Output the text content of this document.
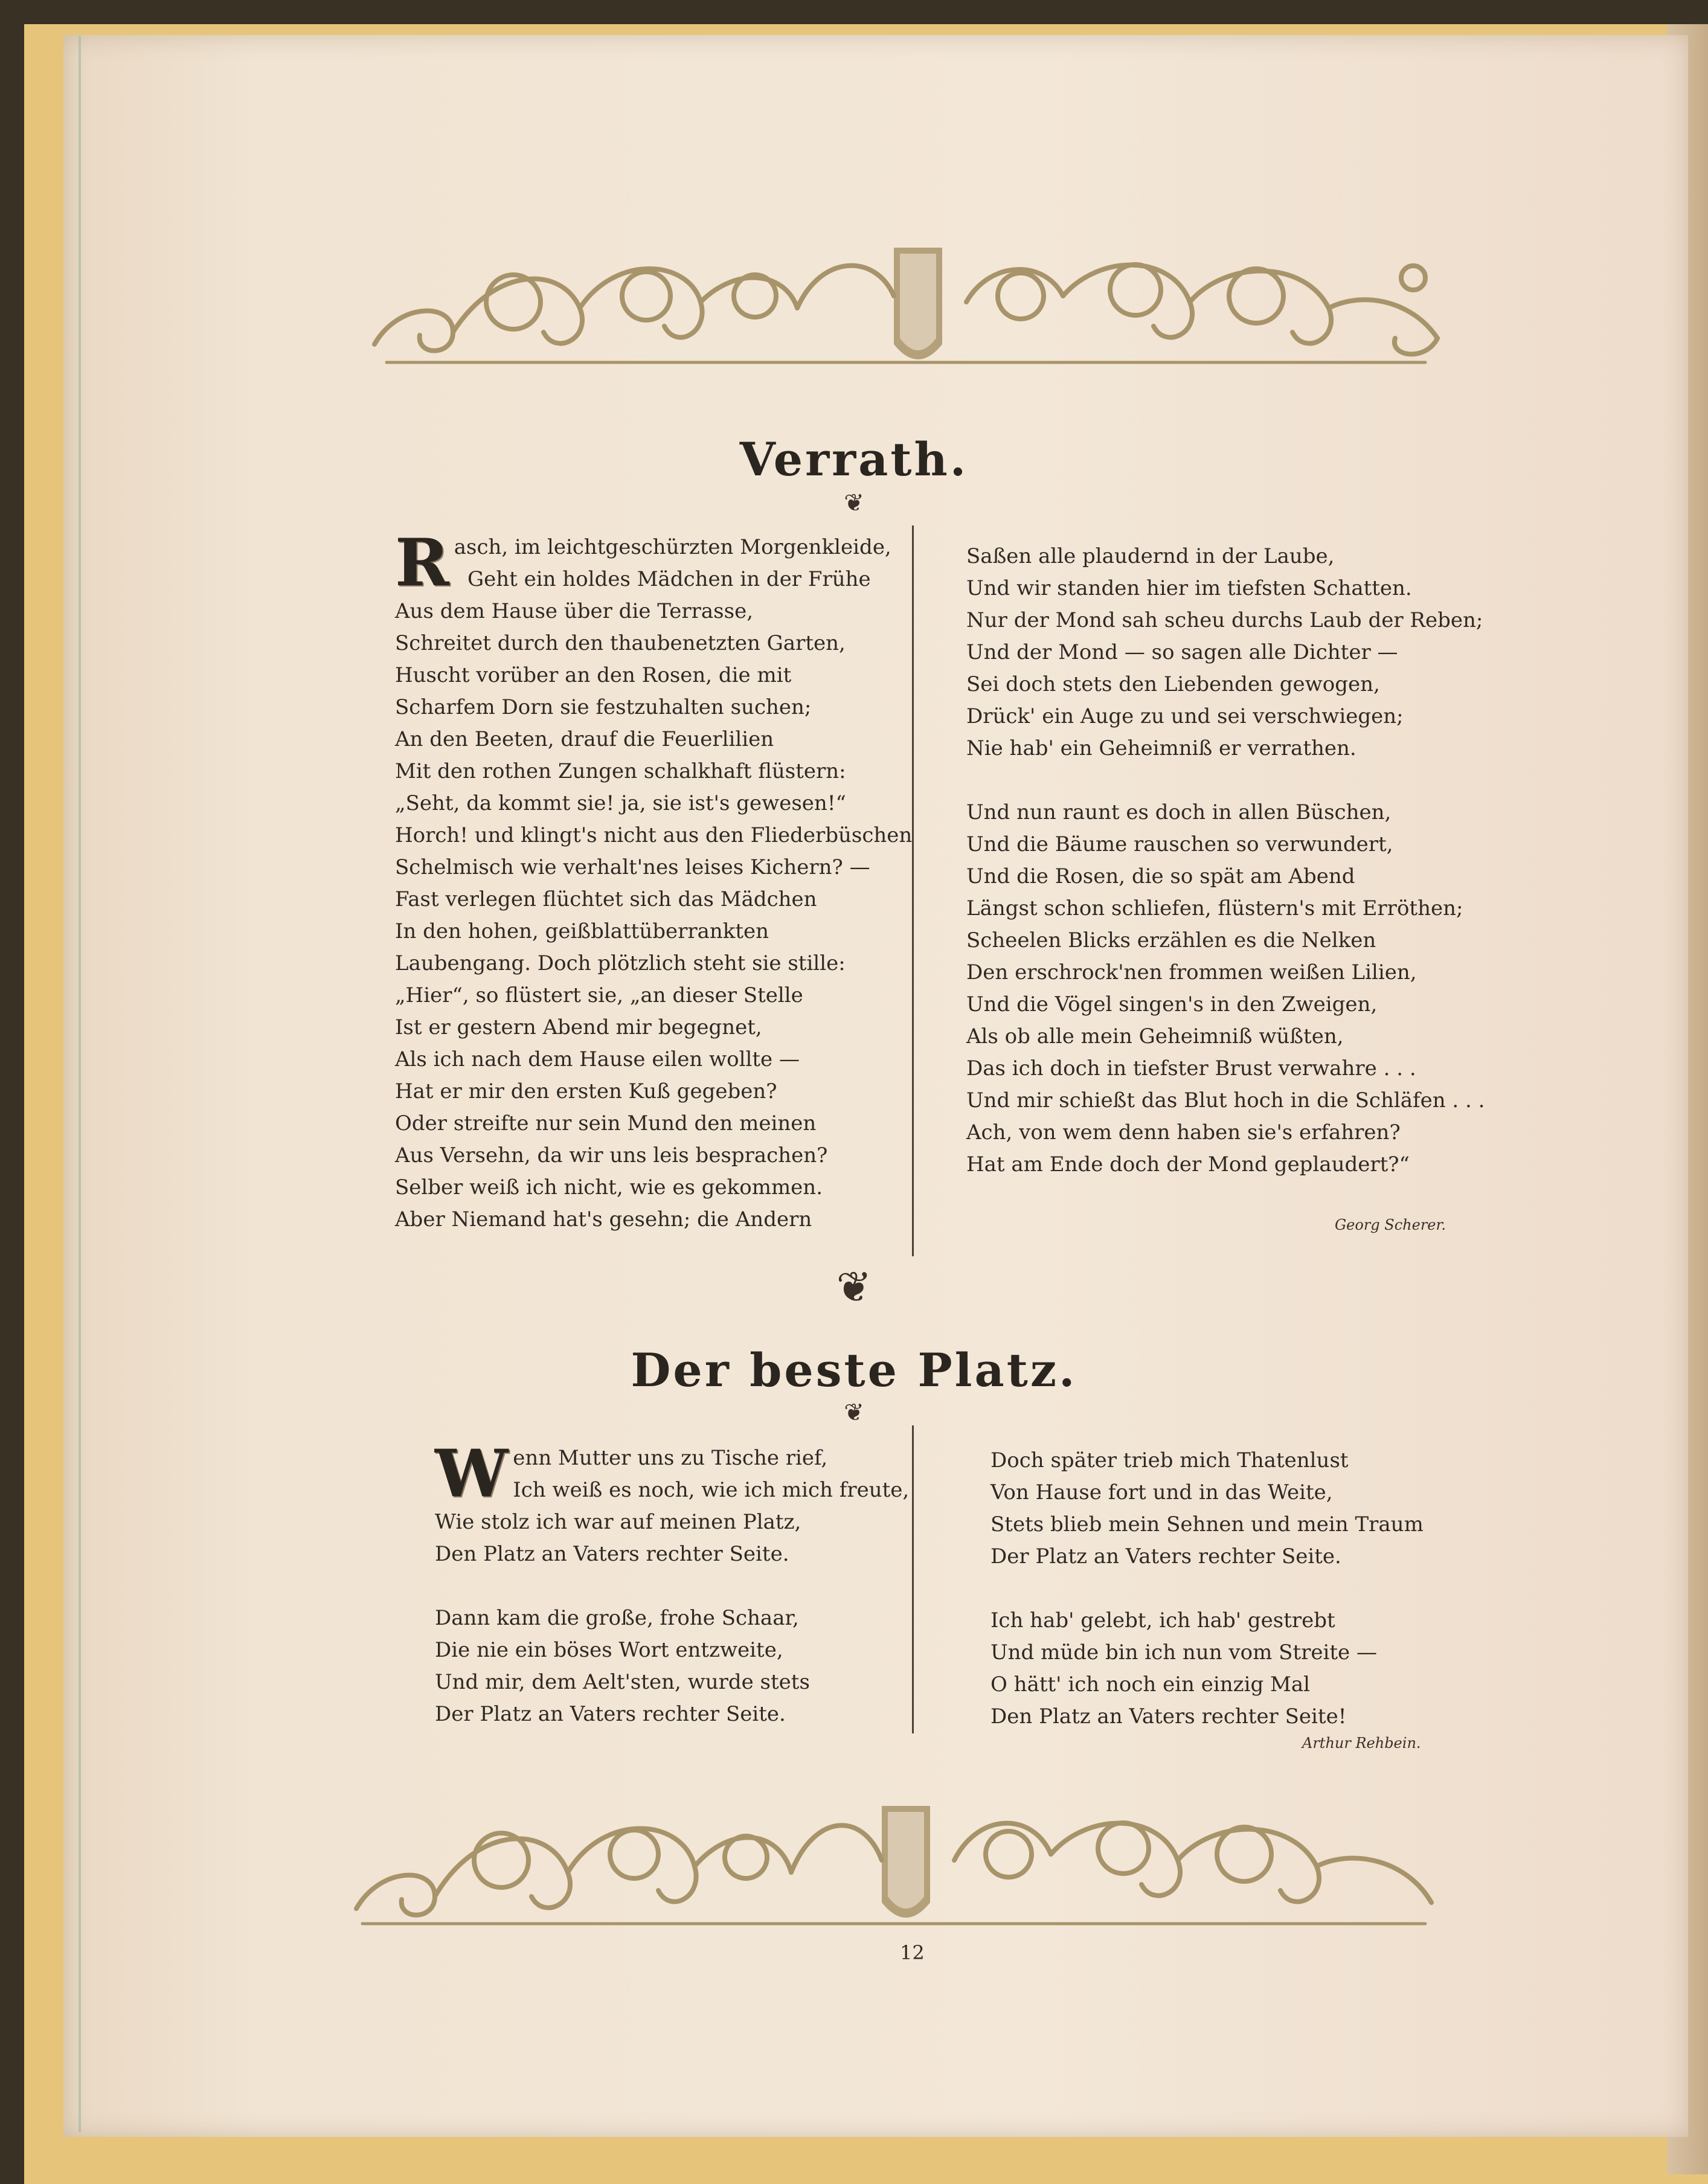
Verrath.
❦
R asch, im leichtgeschürzten Morgenkleide,

Geht ein holdes Mädchen in der Frühe

Aus dem Hause über die Terrasse,

Schreitet durch den thaubenetzten Garten,

Huscht vorüber an den Rosen, die mit

Scharfem Dorn sie festzuhalten suchen;

An den Beeten, drauf die Feuerlilien

Mit den rothen Zungen schalkhaft flüstern:

„Seht, da kommt sie! ja, sie ist's gewesen!“

Horch! und klingt's nicht aus den Fliederbüschen

Schelmisch wie verhalt'nes leises Kichern? —

Fast verlegen flüchtet sich das Mädchen

In den hohen, geißblattüberrankten

Laubengang. Doch plötzlich steht sie stille:

„Hier“, so flüstert sie, „an dieser Stelle

Ist er gestern Abend mir begegnet,

Als ich nach dem Hause eilen wollte —

Hat er mir den ersten Kuß gegeben?

Oder streifte nur sein Mund den meinen

Aus Versehn, da wir uns leis besprachen?

Selber weiß ich nicht, wie es gekommen.

Aber Niemand hat's gesehn; die Andern

Saßen alle plaudernd in der Laube,

Und wir standen hier im tiefsten Schatten.

Nur der Mond sah scheu durchs Laub der Reben;

Und der Mond — so sagen alle Dichter —

Sei doch stets den Liebenden gewogen,

Drück' ein Auge zu und sei verschwiegen;

Nie hab' ein Geheimniß er verrathen.

Und nun raunt es doch in allen Büschen,

Und die Bäume rauschen so verwundert,

Und die Rosen, die so spät am Abend

Längst schon schliefen, flüstern's mit Erröthen;

Scheelen Blicks erzählen es die Nelken

Den erschrock'nen frommen weißen Lilien,

Und die Vögel singen's in den Zweigen,

Als ob alle mein Geheimniß wüßten,

Das ich doch in tiefster Brust verwahre . . .

Und mir schießt das Blut hoch in die Schläfen . . .

Ach, von wem denn haben sie's erfahren?

Hat am Ende doch der Mond geplaudert?“

Georg Scherer.
❦
Der beste Platz.
❦
W enn Mutter uns zu Tische rief,

Ich weiß es noch, wie ich mich freute,

Wie stolz ich war auf meinen Platz,

Den Platz an Vaters rechter Seite.

Dann kam die große, frohe Schaar,

Die nie ein böses Wort entzweite,

Und mir, dem Aelt'sten, wurde stets

Der Platz an Vaters rechter Seite.

Doch später trieb mich Thatenlust

Von Hause fort und in das Weite,

Stets blieb mein Sehnen und mein Traum

Der Platz an Vaters rechter Seite.

Ich hab' gelebt, ich hab' gestrebt

Und müde bin ich nun vom Streite —

O hätt' ich noch ein einzig Mal

Den Platz an Vaters rechter Seite!

Arthur Rehbein.
12
